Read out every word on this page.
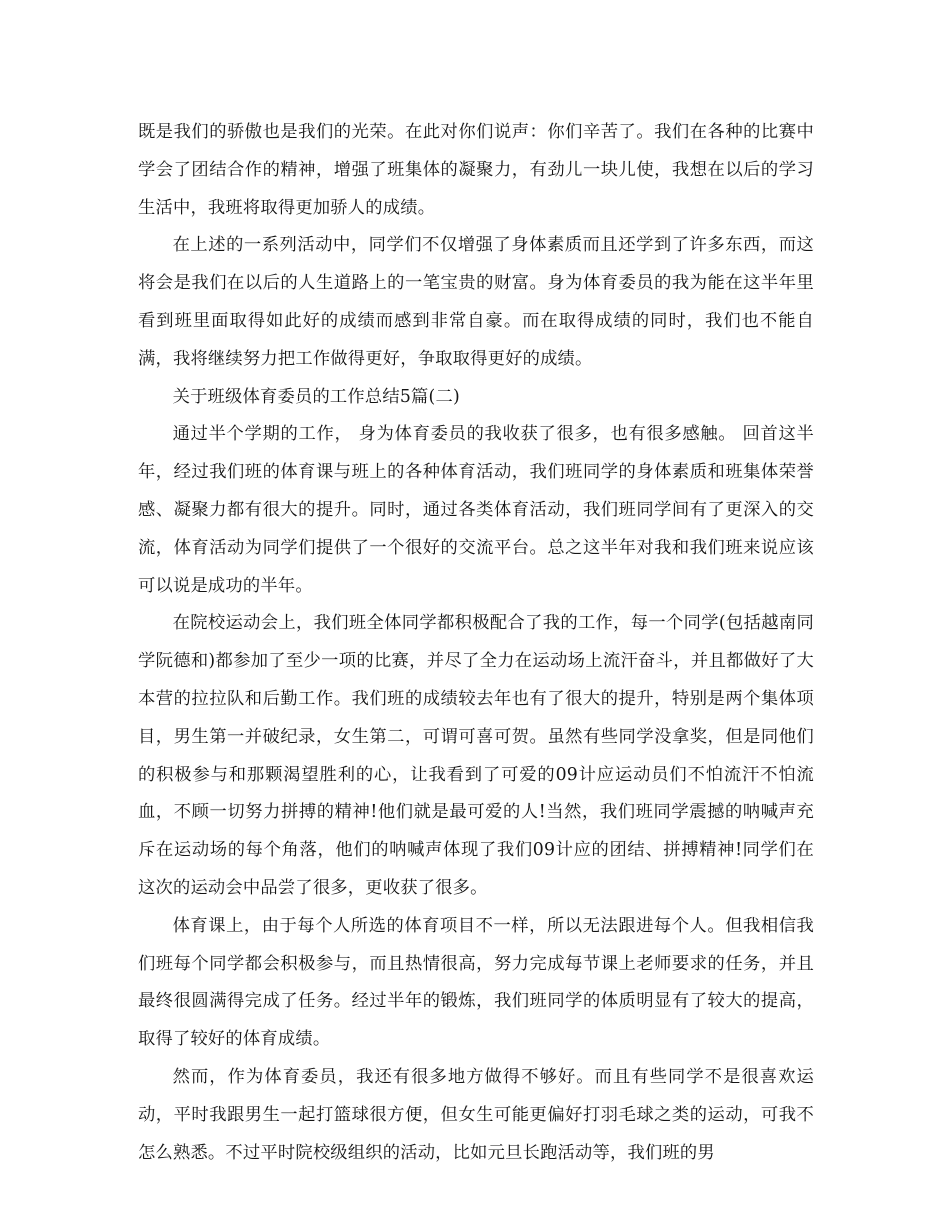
既是我们的骄傲也是我们的光荣。在此对你们说声：你们辛苦了。我们在各种的比赛中学会了团结合作的精神，增强了班集体的凝聚力，有劲儿一块儿使，我想在以后的学习生活中，我班将取得更加骄人的成绩。

在上述的一系列活动中，同学们不仅增强了身体素质而且还学到了许多东西，而这将会是我们在以后的人生道路上的一笔宝贵的财富。身为体育委员的我为能在这半年里看到班里面取得如此好的成绩而感到非常自豪。而在取得成绩的同时，我们也不能自满，我将继续努力把工作做得更好，争取取得更好的成绩。

关于班级体育委员的工作总结5篇(二)

通过半个学期的工作， 身为体育委员的我收获了很多，也有很多感触。 回首这半年，经过我们班的体育课与班上的各种体育活动，我们班同学的身体素质和班集体荣誉感、凝聚力都有很大的提升。同时，通过各类体育活动，我们班同学间有了更深入的交流，体育活动为同学们提供了一个很好的交流平台。总之这半年对我和我们班来说应该可以说是成功的半年。

在院校运动会上，我们班全体同学都积极配合了我的工作，每一个同学(包括越南同学阮德和)都参加了至少一项的比赛，并尽了全力在运动场上流汗奋斗，并且都做好了大本营的拉拉队和后勤工作。我们班的成绩较去年也有了很大的提升，特别是两个集体项目，男生第一并破纪录，女生第二，可谓可喜可贺。虽然有些同学没拿奖，但是同他们的积极参与和那颗渴望胜利的心，让我看到了可爱的09计应运动员们不怕流汗不怕流血，不顾一切努力拼搏的精神!他们就是最可爱的人!当然，我们班同学震撼的呐喊声充斥在运动场的每个角落，他们的呐喊声体现了我们09计应的团结、拼搏精神!同学们在这次的运动会中品尝了很多，更收获了很多。

体育课上，由于每个人所选的体育项目不一样，所以无法跟进每个人。但我相信我们班每个同学都会积极参与，而且热情很高，努力完成每节课上老师要求的任务，并且最终很圆满得完成了任务。经过半年的锻炼，我们班同学的体质明显有了较大的提高，取得了较好的体育成绩。

然而，作为体育委员，我还有很多地方做得不够好。而且有些同学不是很喜欢运动，平时我跟男生一起打篮球很方便，但女生可能更偏好打羽毛球之类的运动，可我不怎么熟悉。不过平时院校级组织的活动，比如元旦长跑活动等，我们班的男
